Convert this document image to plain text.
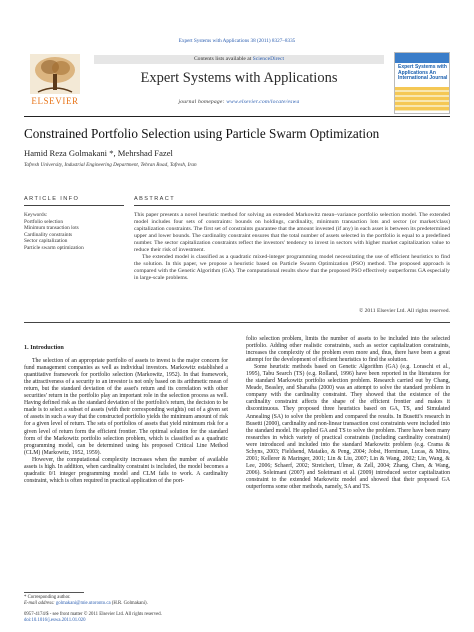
Expert Systems with Applications 38 (2011) 8327–8335
ELSEVIER
Contents lists available at ScienceDirect
Expert Systems with Applications
journal homepage: www.elsevier.com/locate/eswa
Expert Systems with Applications An International Journal
Constrained Portfolio Selection using Particle Swarm Optimization
Hamid Reza Golmakani *, Mehrshad Fazel
Tafresh University, Industrial Engineering Department, Tehran Road, Tafresh, Iran
ARTICLE INFO	ABSTRACT
Keywords:
Portfolio selection
Minimum transaction lots
Cardinality constraints
Sector capitalization
Particle swarm optimization

This paper presents a novel heuristic method for solving an extended Markowitz mean–variance portfolio selection model. The extended model includes four sets of constraints: bounds on holdings, cardinality, minimum transaction lots and sector (or market/class) capitalization constraints. The first set of constraints guarantee that the amount invested (if any) in each asset is between its predetermined upper and lower bounds. The cardinality constraint ensures that the total number of assets selected in the portfolio is equal to a predefined number. The sector capitalization constraints reflect the investors' tendency to invest in sectors with higher market capitalization value to reduce their risk of investment.

The extended model is classified as a quadratic mixed-integer programming model necessitating the use of efficient heuristics to find the solution. In this paper, we propose a heuristic based on Particle Swarm Optimization (PSO) method. The proposed approach is compared with the Genetic Algorithm (GA). The computational results show that the proposed PSO effectively outperforms GA especially in large-scale problems.

© 2011 Elsevier Ltd. All rights reserved.
1. Introduction

The selection of an appropriate portfolio of assets to invest is the major concern for fund management companies as well as individual investors. Markowitz established a quantitative framework for portfolio selection (Markowitz, 1952). In that framework, the attractiveness of a security to an investor is not only based on its arithmetic mean of return, but the standard deviation of the asset's return and its correlation with other securities' return in the portfolio play an important role in the selection process as well. Having defined risk as the standard deviation of the portfolio's return, the decision to be made is to select a subset of assets (with their corresponding weights) out of a given set of assets in such a way that the constructed portfolio yields the minimum amount of risk for a given level of return. The sets of portfolios of assets that yield minimum risk for a given level of return form the efficient frontier. The optimal solution for the standard form of the Markowitz portfolio selection problem, which is classified as a quadratic programming model, can be determined using his proposed Critical Line Method (CLM) (Markowitz, 1952, 1959).

However, the computational complexity increases when the number of available assets is high. In addition, when cardinality constraint is included, the model becomes a quadratic 0/1 integer programming model and CLM fails to work. A cardinality constraint, which is often required in practical application of the port-

folio selection problem, limits the number of assets to be included into the selected portfolio. Adding other realistic constraints, such as sector capitalization constraints, increases the complexity of the problem even more and, thus, there have been a great attempt for the development of efficient heuristics to find the solution.

Some heuristic methods based on Genetic Algorithm (GA) (e.g. Loraschi et al., 1995), Tabu Search (TS) (e.g. Rolland, 1996) have been reported in the literatures for the standard Markowitz portfolio selection problem. Research carried out by Chang, Meade, Beasley, and Sharaiha (2000) was an attempt to solve the standard problem in company with the cardinality constraint. They showed that the existence of the cardinality constraint affects the shape of the efficient frontier and makes it discontinuous. They proposed three heuristics based on GA, TS, and Simulated Annealing (SA) to solve the problem and compared the results. In Busetti's research in Busetti (2000), cardinality and non-linear transaction cost constraints were included into the standard model. He applied GA and TS to solve the problem. There have been many researches in which variety of practical constraints (including cardinality constraint) were introduced and included into the standard Markowitz problem (e.g. Crama & Schyns, 2003; Fieldsend, Matatko, & Peng, 2004; Jobst, Horniman, Lucas, & Mitra, 2001; Kellerer & Maringer, 2001; Lin & Liu, 2007; Lin & Wang, 2002; Lin, Wang, & Lee, 2006; Schaerf, 2002; Streichert, Ulmer, & Zell, 2004; Zhang, Chen, & Wang, 2006). Soleimani (2007) and Soleimani et al. (2009) introduced sector capitalization constraint to the extended Markowitz model and showed that their proposed GA outperforms some other methods, namely, SA and TS.

* Corresponding author.
E-mail address: golmakani@mie.utoronto.ca (H.R. Golmakani).
0957-4174/$ - see front matter © 2011 Elsevier Ltd. All rights reserved.
doi:10.1016/j.eswa.2011.01.020
